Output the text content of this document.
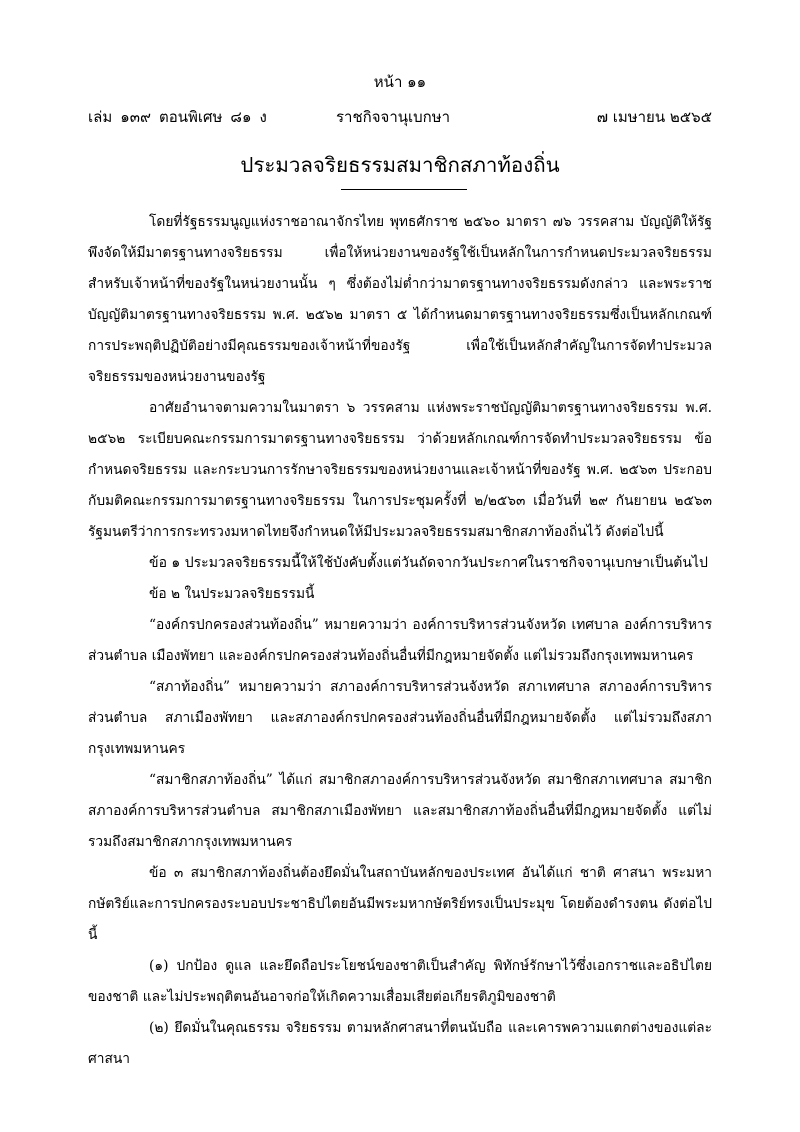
หน้า ๑๑
เล่ม ๑๓๙ ตอนพิเศษ ๘๑ ง	ราชกิจจานุเบกษา	๗ เมษายน ๒๕๖๕
ประมวลจริยธรรมสมาชิกสภาท้องถิ่น

โดยที่รัฐธรรมนูญแห่งราชอาณาจักรไทย พุทธศักราช ๒๕๖๐ มาตรา ๗๖ วรรคสาม บัญญัติให้รัฐพึงจัดให้มีมาตรฐานทางจริยธรรม เพื่อให้หน่วยงานของรัฐใช้เป็นหลักในการกำหนดประมวลจริยธรรมสำหรับเจ้าหน้าที่ของรัฐในหน่วยงานนั้น ๆ ซึ่งต้องไม่ต่ำกว่ามาตรฐานทางจริยธรรมดังกล่าว และพระราชบัญญัติมาตรฐานทางจริยธรรม พ.ศ. ๒๕๖๒ มาตรา ๕ ได้กำหนดมาตรฐานทางจริยธรรมซึ่งเป็นหลักเกณฑ์การประพฤติปฏิบัติอย่างมีคุณธรรมของเจ้าหน้าที่ของรัฐ เพื่อใช้เป็นหลักสำคัญในการจัดทำประมวลจริยธรรมของหน่วยงานของรัฐ

อาศัยอำนาจตามความในมาตรา ๖ วรรคสาม แห่งพระราชบัญญัติมาตรฐานทางจริยธรรม พ.ศ. ๒๕๖๒ ระเบียบคณะกรรมการมาตรฐานทางจริยธรรม ว่าด้วยหลักเกณฑ์การจัดทำประมวลจริยธรรม ข้อกำหนดจริยธรรม และกระบวนการรักษาจริยธรรมของหน่วยงานและเจ้าหน้าที่ของรัฐ พ.ศ. ๒๕๖๓ ประกอบกับมติคณะกรรมการมาตรฐานทางจริยธรรม ในการประชุมครั้งที่ ๒/๒๕๖๓ เมื่อวันที่ ๒๙ กันยายน ๒๕๖๓ รัฐมนตรีว่าการกระทรวงมหาดไทยจึงกำหนดให้มีประมวลจริยธรรมสมาชิกสภาท้องถิ่นไว้ ดังต่อไปนี้

ข้อ ๑ ประมวลจริยธรรมนี้ให้ใช้บังคับตั้งแต่วันถัดจากวันประกาศในราชกิจจานุเบกษาเป็นต้นไป

ข้อ ๒ ในประมวลจริยธรรมนี้

“องค์กรปกครองส่วนท้องถิ่น” หมายความว่า องค์การบริหารส่วนจังหวัด เทศบาล องค์การบริหารส่วนตำบล เมืองพัทยา และองค์กรปกครองส่วนท้องถิ่นอื่นที่มีกฎหมายจัดตั้ง แต่ไม่รวมถึงกรุงเทพมหานคร

“สภาท้องถิ่น” หมายความว่า สภาองค์การบริหารส่วนจังหวัด สภาเทศบาล สภาองค์การบริหารส่วนตำบล สภาเมืองพัทยา และสภาองค์กรปกครองส่วนท้องถิ่นอื่นที่มีกฎหมายจัดตั้ง แต่ไม่รวมถึงสภากรุงเทพมหานคร

“สมาชิกสภาท้องถิ่น” ได้แก่ สมาชิกสภาองค์การบริหารส่วนจังหวัด สมาชิกสภาเทศบาล สมาชิกสภาองค์การบริหารส่วนตำบล สมาชิกสภาเมืองพัทยา และสมาชิกสภาท้องถิ่นอื่นที่มีกฎหมายจัดตั้ง แต่ไม่รวมถึงสมาชิกสภากรุงเทพมหานคร

ข้อ ๓ สมาชิกสภาท้องถิ่นต้องยึดมั่นในสถาบันหลักของประเทศ อันได้แก่ ชาติ ศาสนา พระมหากษัตริย์และการปกครองระบอบประชาธิปไตยอันมีพระมหากษัตริย์ทรงเป็นประมุข โดยต้องดำรงตน ดังต่อไปนี้

(๑) ปกป้อง ดูแล และยึดถือประโยชน์ของชาติเป็นสำคัญ พิทักษ์รักษาไว้ซึ่งเอกราชและอธิปไตยของชาติ และไม่ประพฤติตนอันอาจก่อให้เกิดความเสื่อมเสียต่อเกียรติภูมิของชาติ

(๒) ยึดมั่นในคุณธรรม จริยธรรม ตามหลักศาสนาที่ตนนับถือ และเคารพความแตกต่างของแต่ละศาสนา
